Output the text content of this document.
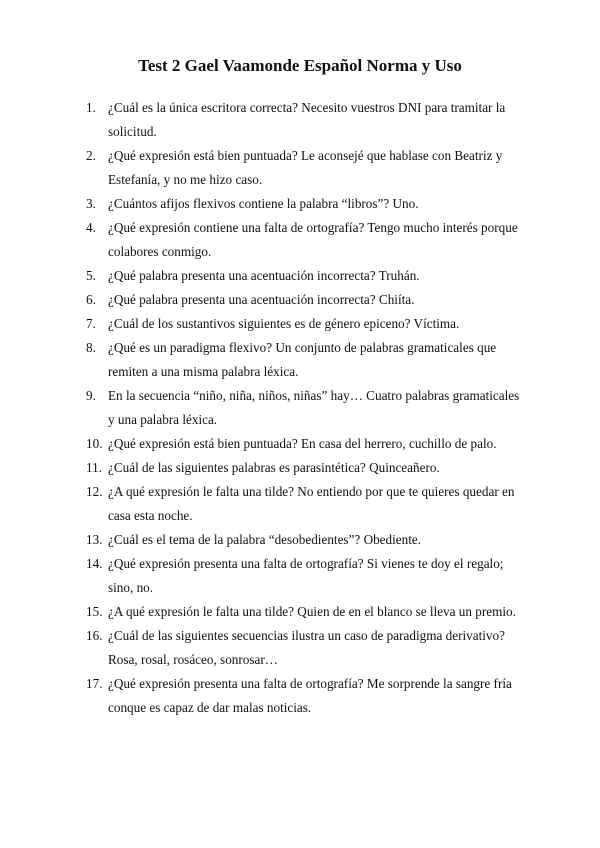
Test 2 Gael Vaamonde Español Norma y Uso
1. ¿Cuál es la única escritora correcta? Necesito vuestros DNI para tramitar la solicitud.
2. ¿Qué expresión está bien puntuada? Le aconsejé que hablase con Beatriz y Estefanía, y no me hizo caso.
3. ¿Cuántos afijos flexivos contiene la palabra “libros”? Uno.
4. ¿Qué expresión contiene una falta de ortografía? Tengo mucho interés porque colabores conmigo.
5. ¿Qué palabra presenta una acentuación incorrecta? Truhán.
6. ¿Qué palabra presenta una acentuación incorrecta? Chiíta.
7. ¿Cuál de los sustantivos siguientes es de género epiceno? Víctima.
8. ¿Qué es un paradigma flexivo? Un conjunto de palabras gramaticales que remiten a una misma palabra léxica.
9. En la secuencia “niño, niña, niños, niñas” hay… Cuatro palabras gramaticales y una palabra léxica.
10. ¿Qué expresión está bien puntuada? En casa del herrero, cuchillo de palo.
11. ¿Cuál de las siguientes palabras es parasintética? Quinceañero.
12. ¿A qué expresión le falta una tilde? No entiendo por que te quieres quedar en casa esta noche.
13. ¿Cuál es el tema de la palabra “desobedientes”? Obediente.
14. ¿Qué expresión presenta una falta de ortografía? Si vienes te doy el regalo; sino, no.
15. ¿A qué expresión le falta una tilde? Quien de en el blanco se lleva un premio.
16. ¿Cuál de las siguientes secuencias ilustra un caso de paradigma derivativo? Rosa, rosal, rosáceo, sonrosar…
17. ¿Qué expresión presenta una falta de ortografía? Me sorprende la sangre fría conque es capaz de dar malas noticias.
